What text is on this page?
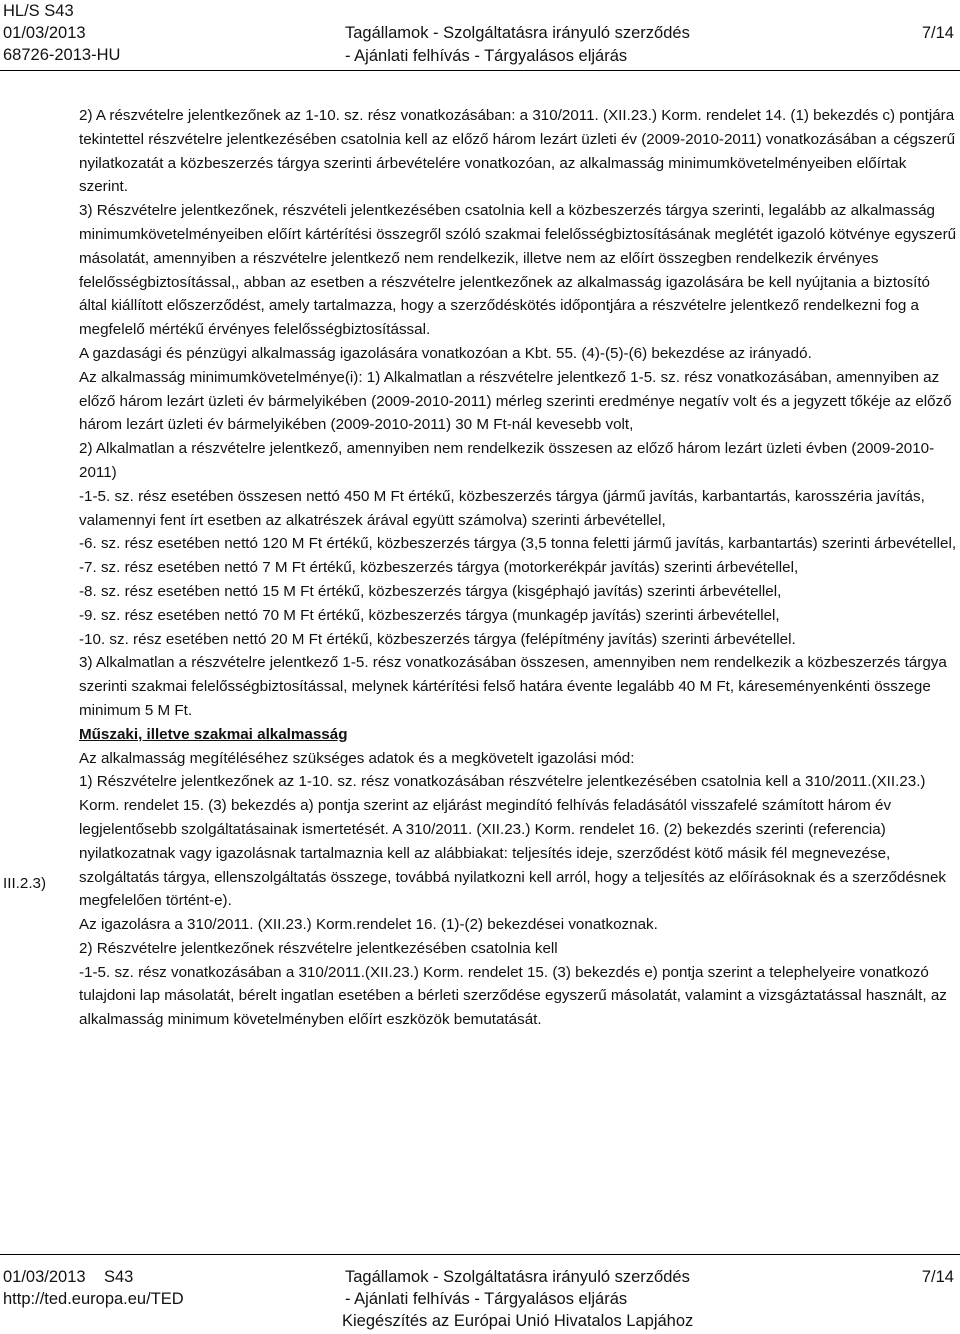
HL/S S43
01/03/2013
68726-2013-HU
Tagállamok - Szolgáltatásra irányuló szerződés
- Ajánlati felhívás - Tárgyalásos eljárás
7/14
III.2.3)

2) A részvételre jelentkezőnek az 1-10. sz. rész vonatkozásában: a 310/2011. (XII.23.) Korm. rendelet 14. (1) bekezdés c) pontjára tekintettel részvételre jelentkezésében csatolnia kell az előző három lezárt üzleti év (2009-2010-2011) vonatkozásában a cégszerű nyilatkozatát a közbeszerzés tárgya szerinti árbevételére vonatkozóan, az alkalmasság minimumkövetelményeiben előírtak szerint.

3) Részvételre jelentkezőnek, részvételi jelentkezésében csatolnia kell a közbeszerzés tárgya szerinti, legalább az alkalmasság minimumkövetelményeiben előírt kártérítési összegről szóló szakmai felelősségbiztosításának meglétét igazoló kötvénye egyszerű másolatát, amennyiben a részvételre jelentkező nem rendelkezik, illetve nem az előírt összegben rendelkezik érvényes felelősségbiztosítással,, abban az esetben a részvételre jelentkezőnek az alkalmasság igazolására be kell nyújtania a biztosító által kiállított előszerződést, amely tartalmazza, hogy a szerződéskötés időpontjára a részvételre jelentkező rendelkezni fog a megfelelő mértékű érvényes felelősségbiztosítással.

A gazdasági és pénzügyi alkalmasság igazolására vonatkozóan a Kbt. 55. (4)-(5)-(6) bekezdése az irányadó.

Az alkalmasság minimumkövetelménye(i): 1) Alkalmatlan a részvételre jelentkező 1-5. sz. rész vonatkozásában, amennyiben az előző három lezárt üzleti év bármelyikében (2009-2010-2011) mérleg szerinti eredménye negatív volt és a jegyzett tőkéje az előző három lezárt üzleti év bármelyikében (2009-2010-2011) 30 M Ft-nál kevesebb volt,

2) Alkalmatlan a részvételre jelentkező, amennyiben nem rendelkezik összesen az előző három lezárt üzleti évben (2009-2010-2011)

-1-5. sz. rész esetében összesen nettó 450 M Ft értékű, közbeszerzés tárgya (jármű javítás, karbantartás, karosszéria javítás, valamennyi fent írt esetben az alkatrészek árával együtt számolva) szerinti árbevétellel,

-6. sz. rész esetében nettó 120 M Ft értékű, közbeszerzés tárgya (3,5 tonna feletti jármű javítás, karbantartás) szerinti árbevétellel,

-7. sz. rész esetében nettó 7 M Ft értékű, közbeszerzés tárgya (motorkerékpár javítás) szerinti árbevétellel,

-8. sz. rész esetében nettó 15 M Ft értékű, közbeszerzés tárgya (kisgéphajó javítás) szerinti árbevétellel,

-9. sz. rész esetében nettó 70 M Ft értékű, közbeszerzés tárgya (munkagép javítás) szerinti árbevétellel,

-10. sz. rész esetében nettó 20 M Ft értékű, közbeszerzés tárgya (felépítmény javítás) szerinti árbevétellel.

3) Alkalmatlan a részvételre jelentkező 1-5. rész vonatkozásában összesen, amennyiben nem rendelkezik a közbeszerzés tárgya szerinti szakmai felelősségbiztosítással, melynek kártérítési felső határa évente legalább 40 M Ft, káreseményenkénti összege minimum 5 M Ft.

Műszaki, illetve szakmai alkalmasság

Az alkalmasság megítéléséhez szükséges adatok és a megkövetelt igazolási mód:

1) Részvételre jelentkezőnek az 1-10. sz. rész vonatkozásában részvételre jelentkezésében csatolnia kell a 310/2011.(XII.23.) Korm. rendelet 15. (3) bekezdés a) pontja szerint az eljárást megindító felhívás feladásától visszafelé számított három év legjelentősebb szolgáltatásainak ismertetését. A 310/2011. (XII.23.) Korm. rendelet 16. (2) bekezdés szerinti (referencia) nyilatkozatnak vagy igazolásnak tartalmaznia kell az alábbiakat: teljesítés ideje, szerződést kötő másik fél megnevezése, szolgáltatás tárgya, ellenszolgáltatás összege, továbbá nyilatkozni kell arról, hogy a teljesítés az előírásoknak és a szerződésnek megfelelően történt-e).

Az igazolásra a 310/2011. (XII.23.) Korm.rendelet 16. (1)-(2) bekezdései vonatkoznak.

2) Részvételre jelentkezőnek részvételre jelentkezésében csatolnia kell

-1-5. sz. rész vonatkozásában a 310/2011.(XII.23.) Korm. rendelet 15. (3) bekezdés e) pontja szerint a telephelyeire vonatkozó tulajdoni lap másolatát, bérelt ingatlan esetében a bérleti szerződése egyszerű másolatát, valamint a vizsgáztatással használt, az alkalmasság minimum követelményben előírt eszközök bemutatását.

01/03/2013 S43
http://ted.europa.eu/TED
Tagállamok - Szolgáltatásra irányuló szerződés
- Ajánlati felhívás - Tárgyalásos eljárás
Kiegészítés az Európai Unió Hivatalos Lapjához
7/14
